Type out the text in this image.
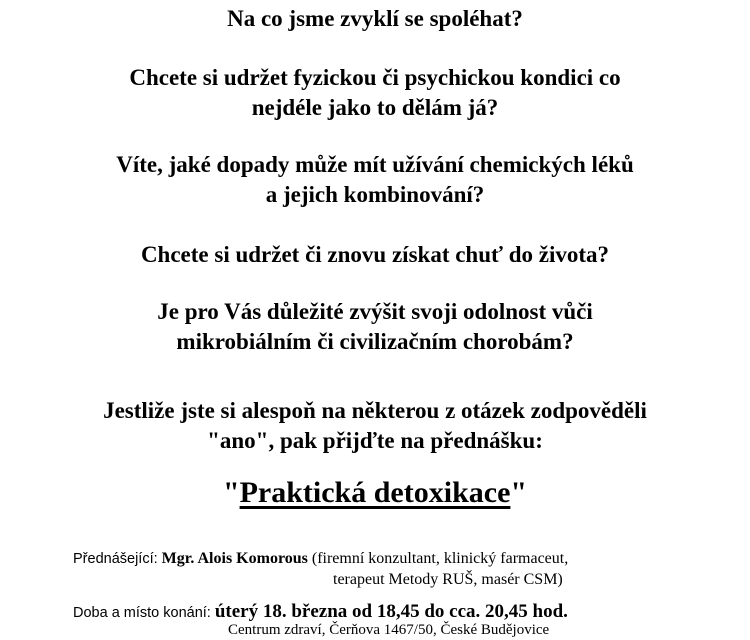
Na co jsme zvyklí se spoléhat?
Chcete si udržet fyzickou či psychickou kondici co
nejdéle jako to dělám já?
Víte, jaké dopady může mít užívání chemických léků
a jejich kombinování?
Chcete si udržet či znovu získat chuť do života?
Je pro Vás důležité zvýšit svoji odolnost vůči
mikrobiálním či civilizačním chorobám?
Jestliže jste si alespoň na některou z otázek zodpověděli
"ano", pak přijďte na přednášku:
"Praktická detoxikace"
Přednášející: Mgr. Alois Komorous (firemní konzultant, klinický farmaceut,
terapeut Metody RUŠ, masér CSM)
Doba a místo konání: úterý 18. března od 18,45 do cca. 20,45 hod.
Centrum zdraví, Čerňova 1467/50, České Budějovice
